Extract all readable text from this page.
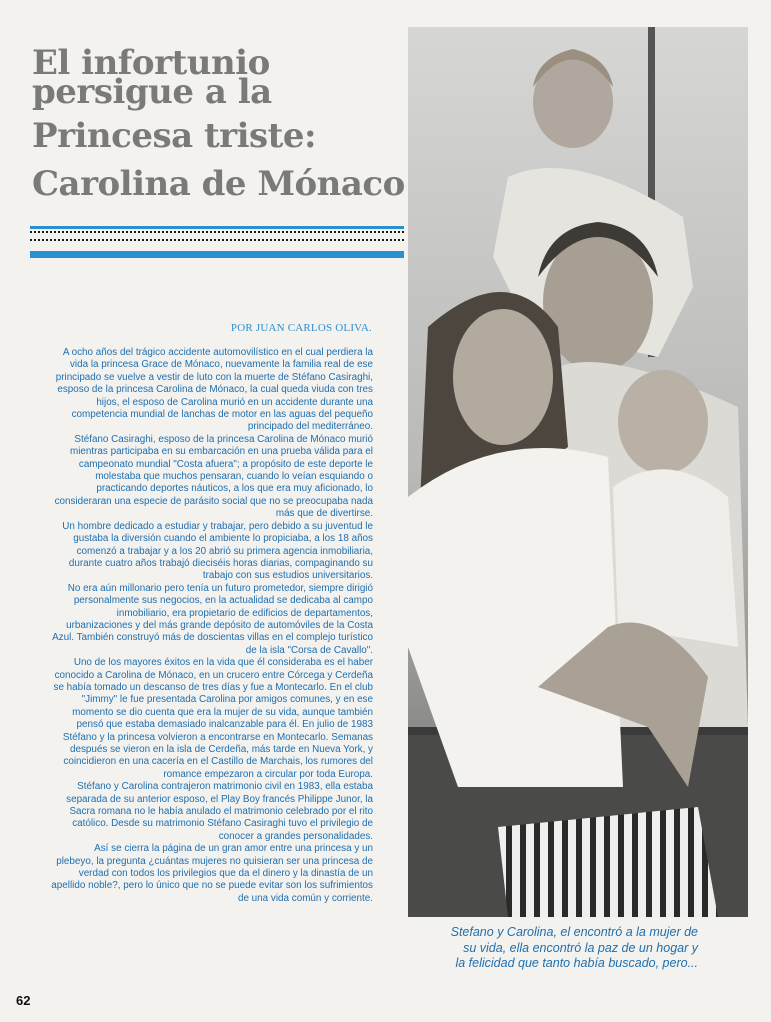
El infortunio
persigue a la
Princesa triste:
Carolina de Mónaco
POR JUAN CARLOS OLIVA.

A ocho años del trágico accidente automovilístico en el cual perdiera la vida la princesa Grace de Mónaco, nuevamente la familia real de ese principado se vuelve a vestir de luto con la muerte de Stéfano Casiraghi, esposo de la princesa Carolina de Mónaco, la cual queda viuda con tres hijos, el esposo de Carolina murió en un accidente durante una competencia mundial de lanchas de motor en las aguas del pequeño principado del mediterráneo.

Stéfano Casiraghi, esposo de la princesa Carolina de Mónaco murió mientras participaba en su embarcación en una prueba válida para el campeonato mundial "Costa afuera"; a propósito de este deporte le molestaba que muchos pensaran, cuando lo veían esquiando o practicando deportes náuticos, a los que era muy aficionado, lo consideraran una especie de parásito social que no se preocupaba nada más que de divertirse.

Un hombre dedicado a estudiar y trabajar, pero debido a su juventud le gustaba la diversión cuando el ambiente lo propiciaba, a los 18 años comenzó a trabajar y a los 20 abrió su primera agencia inmobiliaria, durante cuatro años trabajó dieciséis horas diarias, compaginando su trabajo con sus estudios universitarios.

No era aún millonario pero tenía un futuro prometedor, siempre dirigió personalmente sus negocios, en la actualidad se dedicaba al campo inmobiliario, era propietario de edificios de departamentos, urbanizaciones y del más grande depósito de automóviles de la Costa Azul. También construyó más de doscientas villas en el complejo turístico de la isla "Corsa de Cavallo".

Uno de los mayores éxitos en la vida que él consideraba es el haber conocido a Carolina de Mónaco, en un crucero entre Córcega y Cerdeña se había tomado un descanso de tres días y fue a Montecarlo. En el club "Jimmy" le fue presentada Carolina por amigos comunes, y en ese momento se dio cuenta que era la mujer de su vida, aunque también pensó que estaba demasiado inalcanzable para él. En julio de 1983 Stéfano y la princesa volvieron a encontrarse en Montecarlo. Semanas después se vieron en la isla de Cerdeña, más tarde en Nueva York, y coincidieron en una cacería en el Castillo de Marchais, los rumores del romance empezaron a circular por toda Europa.

Stéfano y Carolina contrajeron matrimonio civil en 1983, ella estaba separada de su anterior esposo, el Play Boy francés Philippe Junor, la Sacra romana no le había anulado el matrimonio celebrado por el rito católico. Desde su matrimonio Stéfano Casiraghi tuvo el privilegio de conocer a grandes personalidades.

Así se cierra la página de un gran amor entre una princesa y un plebeyo, la pregunta ¿cuántas mujeres no quisieran ser una princesa de verdad con todos los privilegios que da el dinero y la dinastía de un apellido noble?, pero lo único que no se puede evitar son los sufrimientos de una vida común y corriente.

Stefano y Carolina, el encontró a la mujer de su vida, ella encontró la paz de un hogar y la felicidad que tanto había buscado, pero...

62
